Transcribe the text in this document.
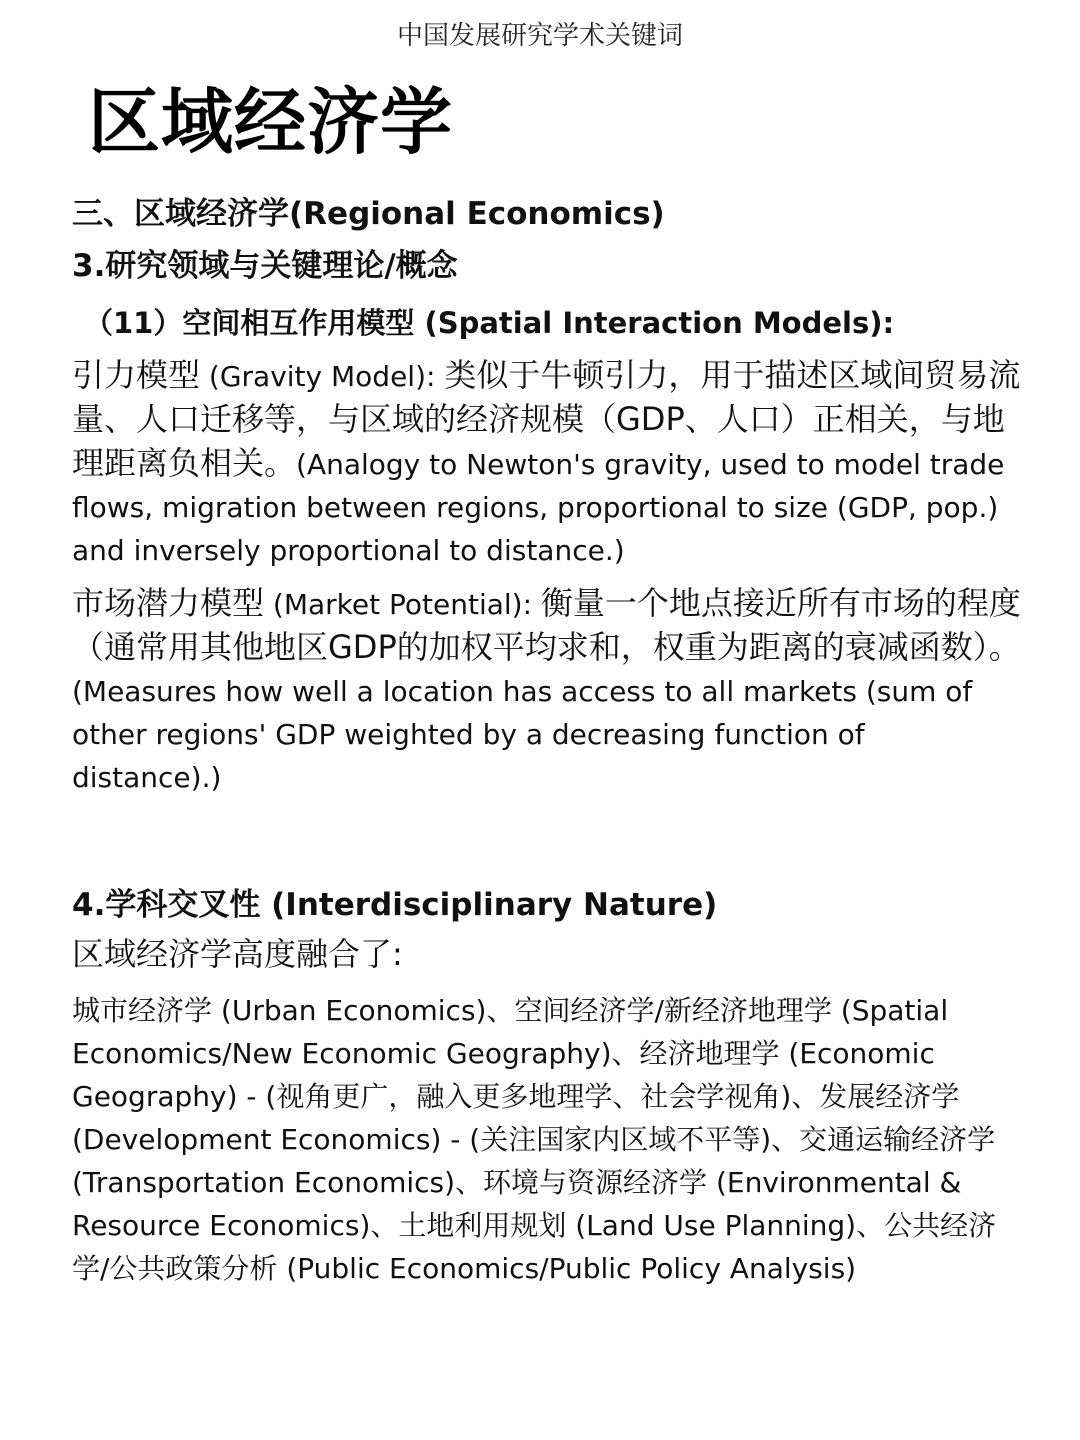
中国发展研究学术关键词
区域经济学

三、区域经济学(Regional Economics)

3.研究领域与关键理论/概念

（11）空间相互作用模型 (Spatial Interaction Models):

引力模型 (Gravity Model): 类似于牛顿引力，用于描述区域间贸易流量、人口迁移等，与区域的经济规模（GDP、人口）正相关，与地理距离负相关。(Analogy to Newton's gravity, used to model trade flows, migration between regions, proportional to size (GDP, pop.) and inversely proportional to distance.)

市场潜力模型 (Market Potential): 衡量一个地点接近所有市场的程度（通常用其他地区GDP的加权平均求和，权重为距离的衰减函数）。(Measures how well a location has access to all markets (sum of other regions' GDP weighted by a decreasing function of distance).)

4.学科交叉性 (Interdisciplinary Nature)

区域经济学高度融合了:

城市经济学 (Urban Economics)、空间经济学/新经济地理学 (Spatial Economics/New Economic Geography)、经济地理学 (Economic Geography) - (视角更广，融入更多地理学、社会学视角)、发展经济学 (Development Economics) - (关注国家内区域不平等)、交通运输经济学 (Transportation Economics)、环境与资源经济学 (Environmental & Resource Economics)、土地利用规划 (Land Use Planning)、公共经济学/公共政策分析 (Public Economics/Public Policy Analysis)
